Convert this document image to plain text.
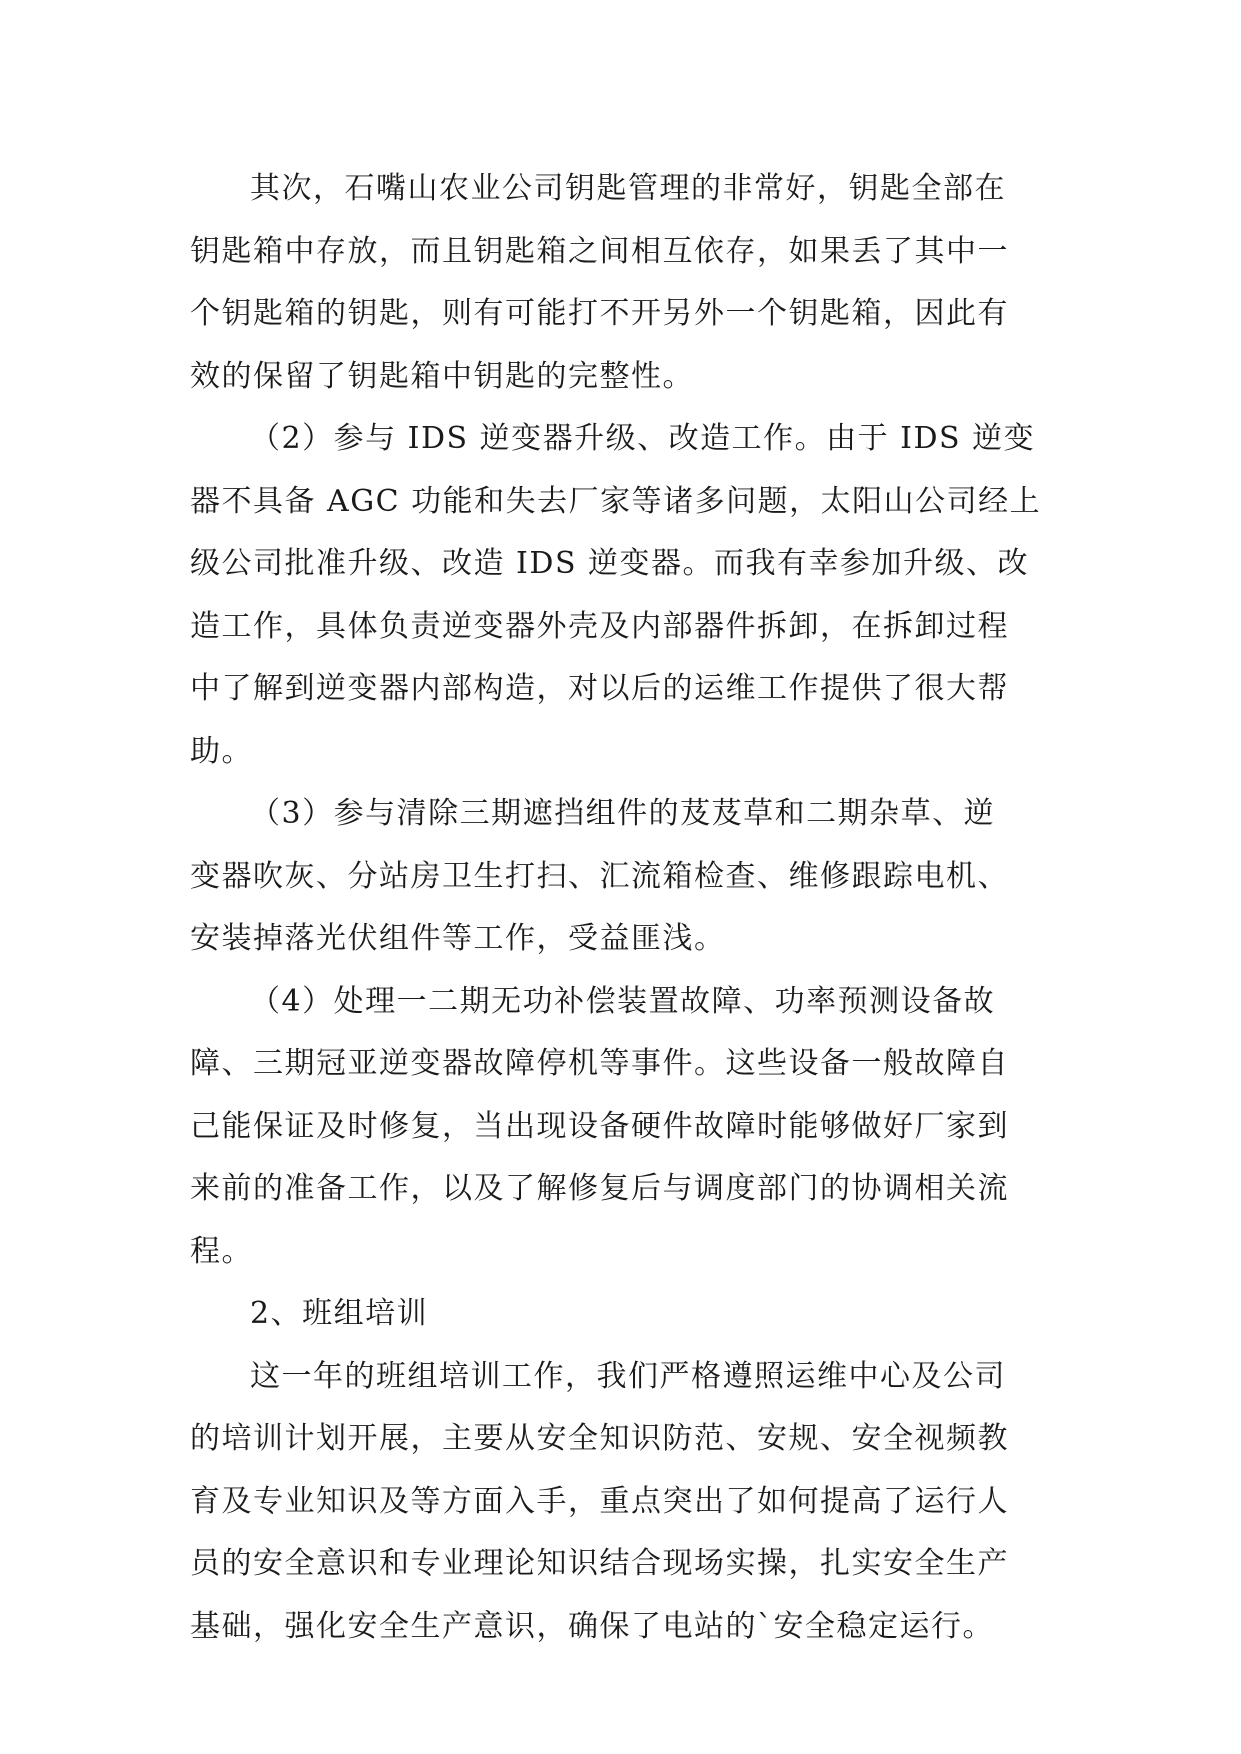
其次，石嘴山农业公司钥匙管理的非常好，钥匙全部在
钥匙箱中存放，而且钥匙箱之间相互依存，如果丢了其中一
个钥匙箱的钥匙，则有可能打不开另外一个钥匙箱，因此有
效的保留了钥匙箱中钥匙的完整性。
（2）参与 IDS 逆变器升级、改造工作。由于 IDS 逆变
器不具备 AGC 功能和失去厂家等诸多问题，太阳山公司经上
级公司批准升级、改造 IDS 逆变器。而我有幸参加升级、改
造工作，具体负责逆变器外壳及内部器件拆卸，在拆卸过程
中了解到逆变器内部构造，对以后的运维工作提供了很大帮
助。
（3）参与清除三期遮挡组件的芨芨草和二期杂草、逆
变器吹灰、分站房卫生打扫、汇流箱检查、维修跟踪电机、
安装掉落光伏组件等工作，受益匪浅。
（4）处理一二期无功补偿装置故障、功率预测设备故
障、三期冠亚逆变器故障停机等事件。这些设备一般故障自
己能保证及时修复，当出现设备硬件故障时能够做好厂家到
来前的准备工作，以及了解修复后与调度部门的协调相关流
程。
2、班组培训
这一年的班组培训工作，我们严格遵照运维中心及公司
的培训计划开展，主要从安全知识防范、安规、安全视频教
育及专业知识及等方面入手，重点突出了如何提高了运行人
员的安全意识和专业理论知识结合现场实操，扎实安全生产
基础，强化安全生产意识，确保了电站的`安全稳定运行。
